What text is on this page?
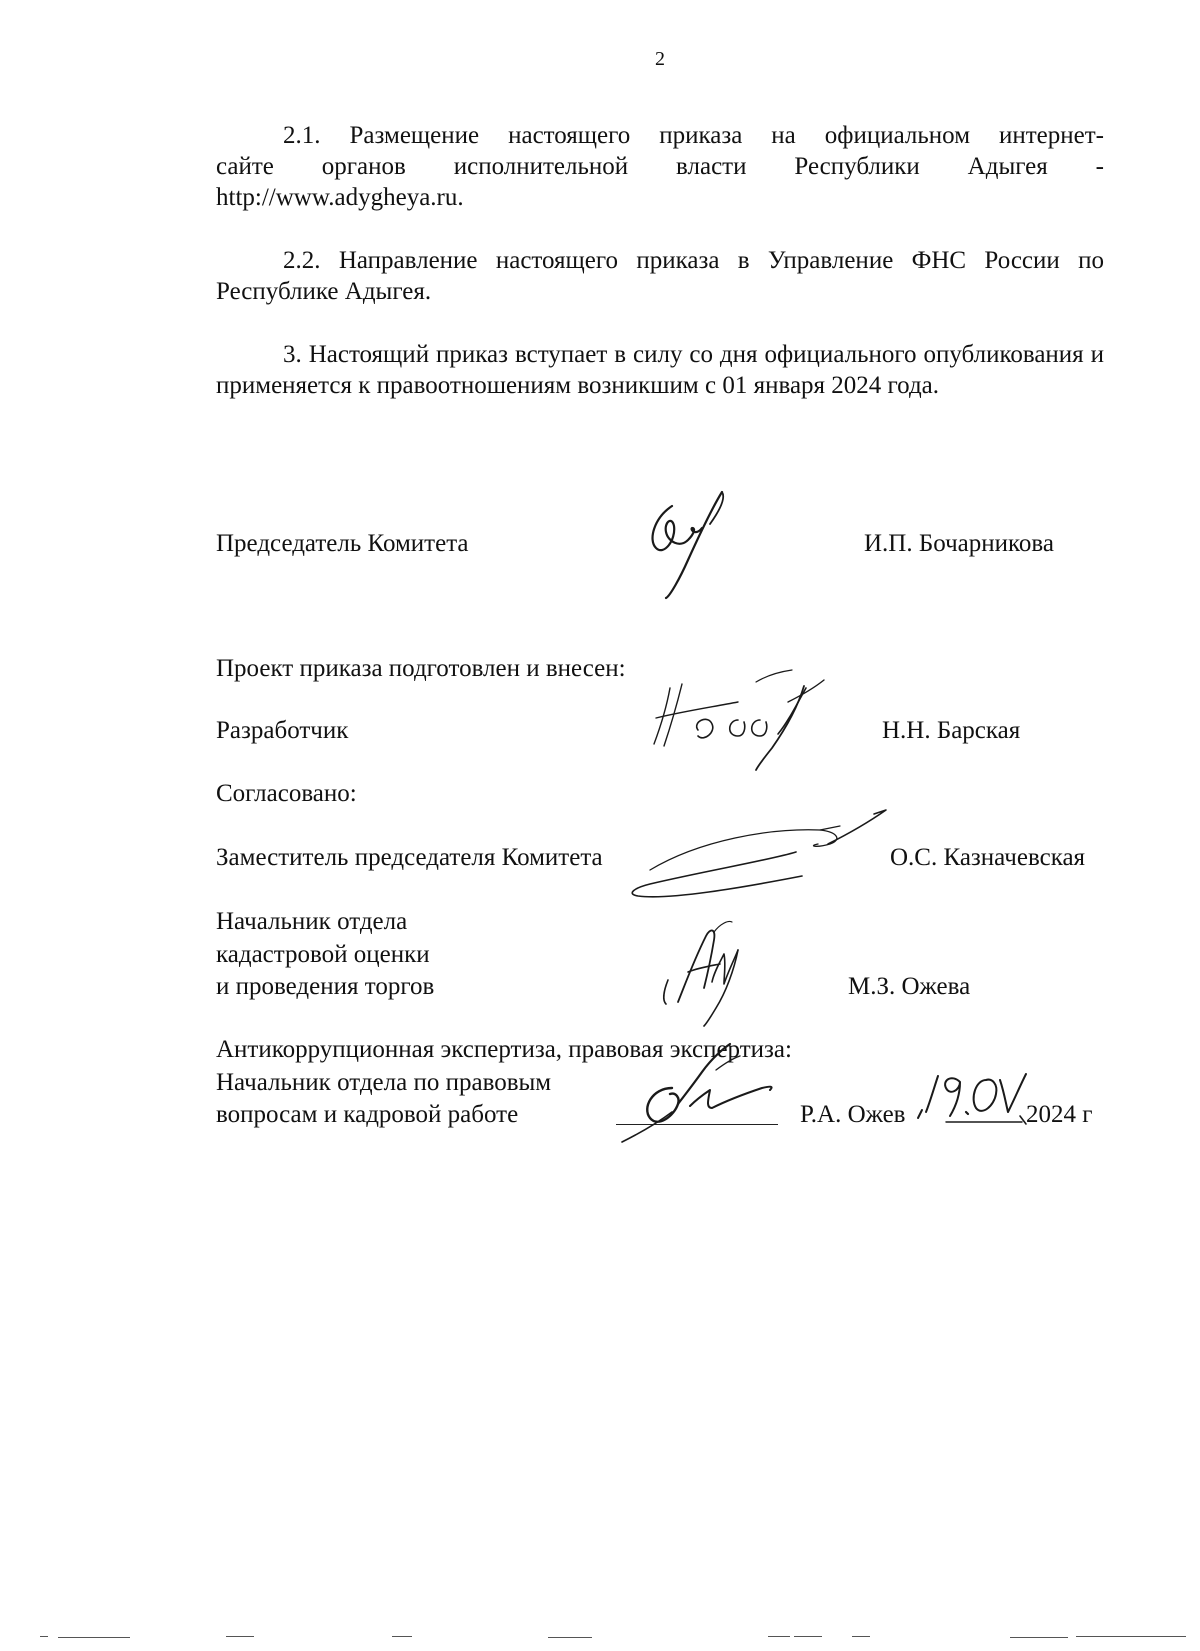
2
2.1. Размещение настоящего приказа на официальном интернет-
сайте органов исполнительной власти Республики Адыгея -
http://www.adygheya.ru.
2.2. Направление настоящего приказа в Управление ФНС России по Республике Адыгея.
3. Настоящий приказ вступает в силу со дня официального опубликования и применяется к правоотношениям возникшим с 01 января 2024 года.
Председатель Комитета	И.П. Бочарникова
Проект приказа подготовлен и внесен:
Разработчик	Н.Н. Барская
Согласовано:
Заместитель председателя Комитета	О.С. Казначевская
Начальник отдела
кадастровой оценки
и проведения торгов	М.З. Ожева
Антикоррупционная экспертиза, правовая экспертиза:
Начальник отдела по правовым
вопросам и кадровой работе	Р.А. Ожев	2024 г
